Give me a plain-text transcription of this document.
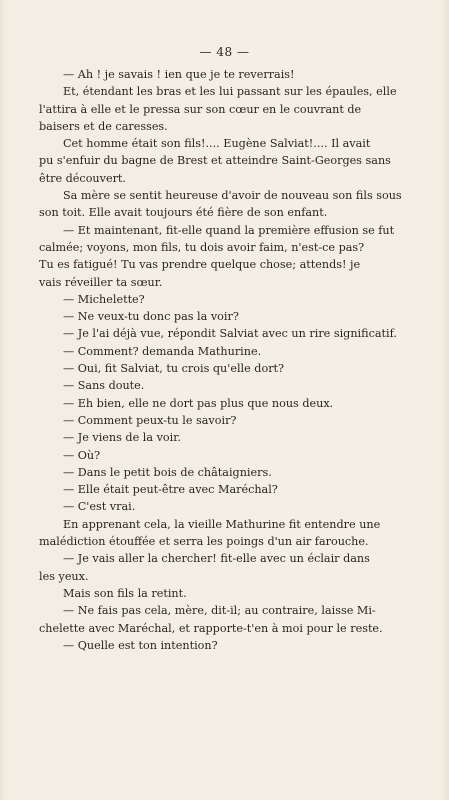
— 48 —

— Ah ! je savais ! ien que je te reverrais!

Et, étendant les bras et les lui passant sur les épaules, elle
l'attira à elle et le pressa sur son cœur en le couvrant de
baisers et de caresses.

Cet homme était son fils!.... Eugène Salviat!.... Il avait
pu s'enfuir du bagne de Brest et atteindre Saint-Georges sans
être découvert.

Sa mère se sentit heureuse d'avoir de nouveau son fils sous
son toit. Elle avait toujours été fière de son enfant.

— Et maintenant, fit-elle quand la première effusion se fut
calmée; voyons, mon fils, tu dois avoir faim, n'est-ce pas?
Tu es fatigué! Tu vas prendre quelque chose; attends! je
vais réveiller ta sœur.

— Michelette?

— Ne veux-tu donc pas la voir?

— Je l'ai déjà vue, répondit Salviat avec un rire significatif.

— Comment? demanda Mathurine.

— Oui, fit Salviat, tu crois qu'elle dort?

— Sans doute.

— Eh bien, elle ne dort pas plus que nous deux.

— Comment peux-tu le savoir?

— Je viens de la voir.

— Où?

— Dans le petit bois de châtaigniers.

— Elle était peut-être avec Maréchal?

— C'est vrai.

En apprenant cela, la vieille Mathurine fit entendre une
malédiction étouffée et serra les poings d'un air farouche.

— Je vais aller la chercher! fit-elle avec un éclair dans
les yeux.

Mais son fils la retint.

— Ne fais pas cela, mère, dit-il; au contraire, laisse Mi-
chelette avec Maréchal, et rapporte-t'en à moi pour le reste.

— Quelle est ton intention?
